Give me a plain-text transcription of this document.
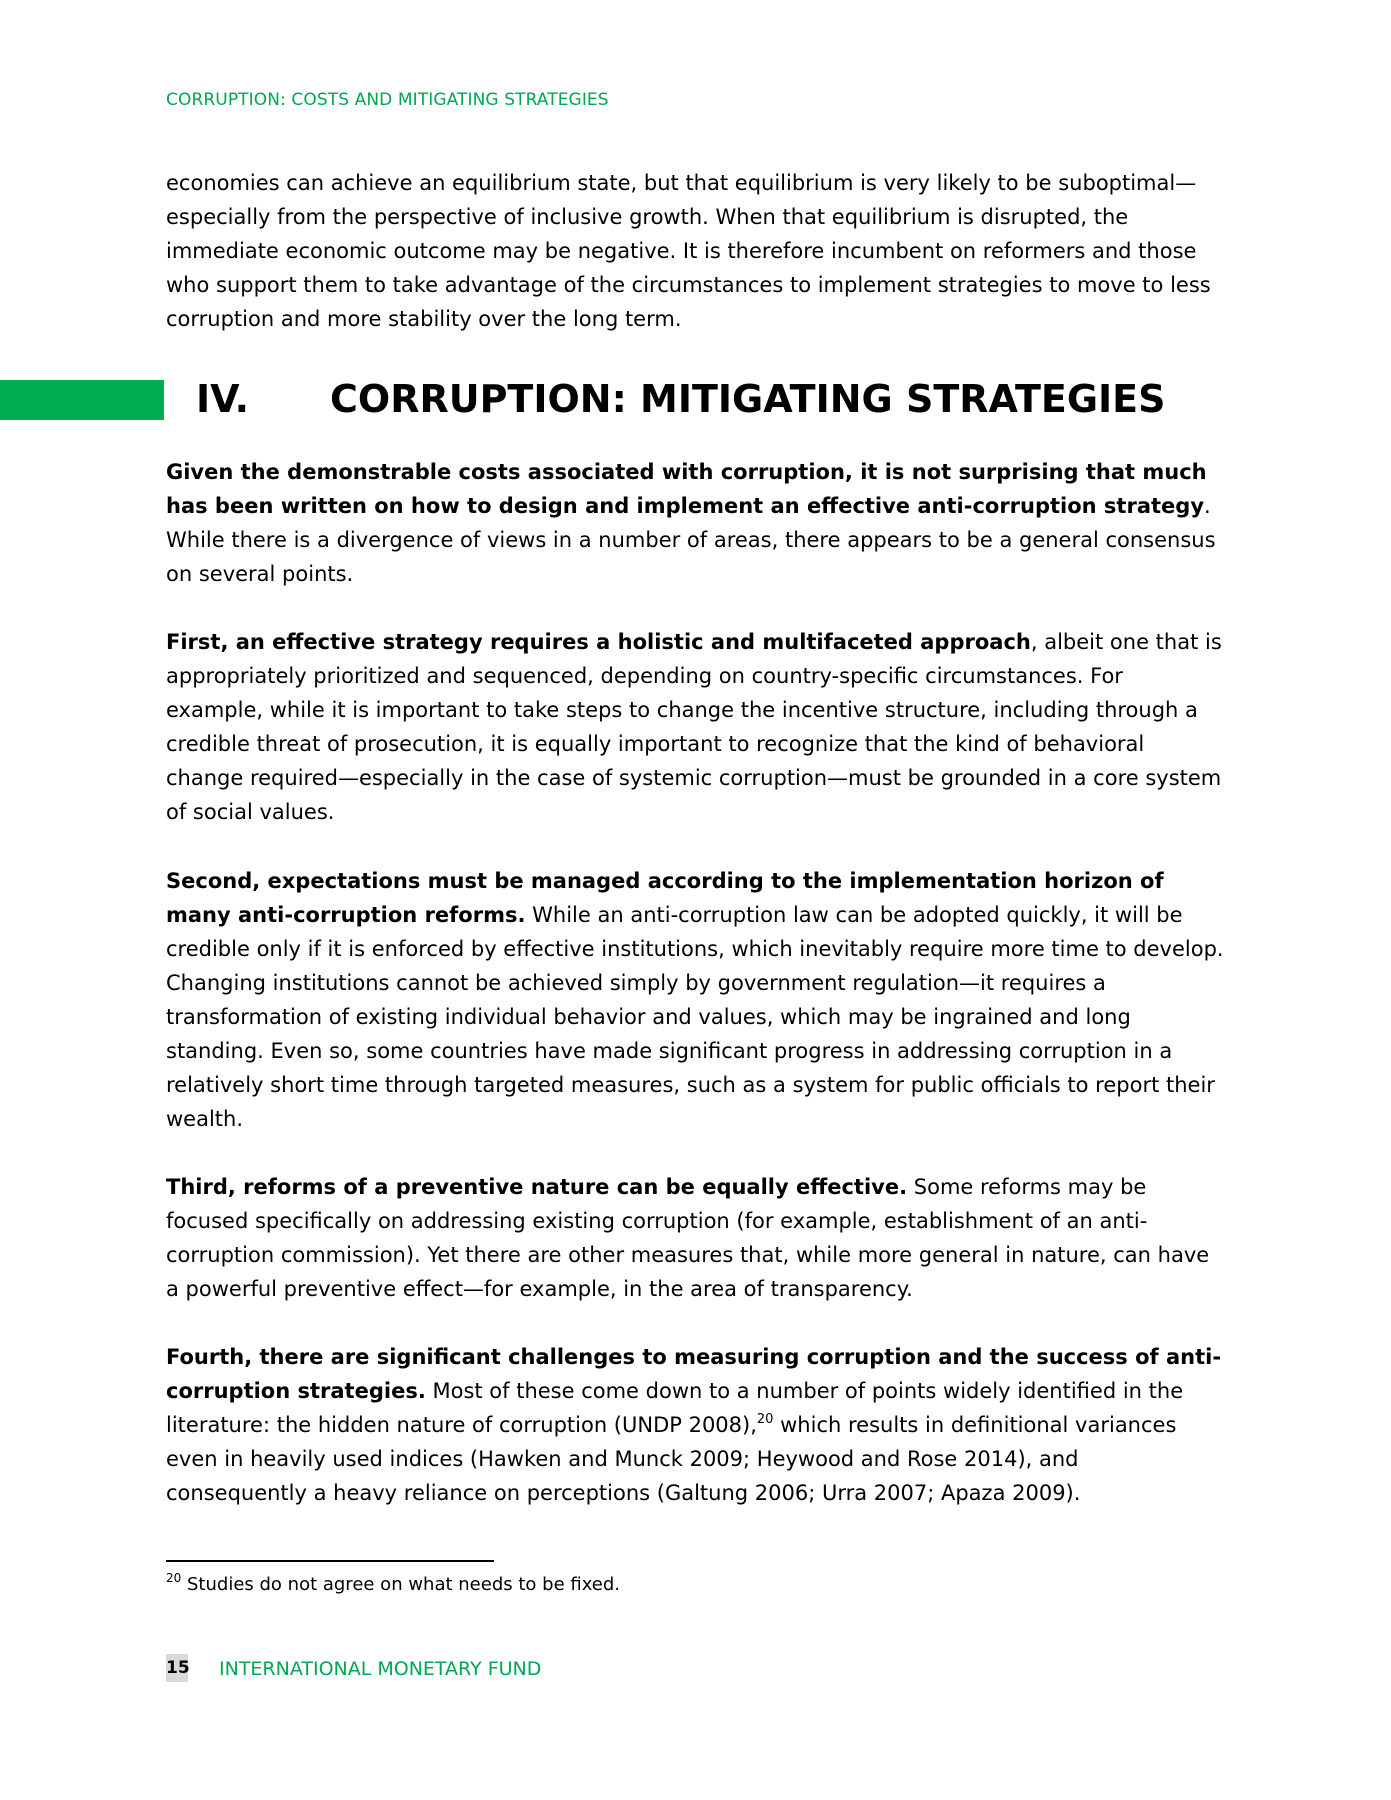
CORRUPTION: COSTS AND MITIGATING STRATEGIES

economies can achieve an equilibrium state, but that equilibrium is very likely to be suboptimal—especially from the perspective of inclusive growth. When that equilibrium is disrupted, the immediate economic outcome may be negative. It is therefore incumbent on reformers and those who support them to take advantage of the circumstances to implement strategies to move to less corruption and more stability over the long term.

IV. CORRUPTION: MITIGATING STRATEGIES

Given the demonstrable costs associated with corruption, it is not surprising that much has been written on how to design and implement an effective anti-corruption strategy. While there is a divergence of views in a number of areas, there appears to be a general consensus on several points.

First, an effective strategy requires a holistic and multifaceted approach, albeit one that is appropriately prioritized and sequenced, depending on country-specific circumstances. For example, while it is important to take steps to change the incentive structure, including through a credible threat of prosecution, it is equally important to recognize that the kind of behavioral change required—especially in the case of systemic corruption—must be grounded in a core system of social values.

Second, expectations must be managed according to the implementation horizon of many anti-corruption reforms. While an anti-corruption law can be adopted quickly, it will be credible only if it is enforced by effective institutions, which inevitably require more time to develop. Changing institutions cannot be achieved simply by government regulation—it requires a transformation of existing individual behavior and values, which may be ingrained and long standing. Even so, some countries have made significant progress in addressing corruption in a relatively short time through targeted measures, such as a system for public officials to report their wealth.

Third, reforms of a preventive nature can be equally effective. Some reforms may be focused specifically on addressing existing corruption (for example, establishment of an anti-corruption commission). Yet there are other measures that, while more general in nature, can have a powerful preventive effect—for example, in the area of transparency.

Fourth, there are significant challenges to measuring corruption and the success of anti-corruption strategies. Most of these come down to a number of points widely identified in the literature: the hidden nature of corruption (UNDP 2008),$^{20}$ which results in definitional variances even in heavily used indices (Hawken and Munck 2009; Heywood and Rose 2014), and consequently a heavy reliance on perceptions (Galtung 2006; Urra 2007; Apaza 2009).

$^{20}$ Studies do not agree on what needs to be fixed.
15 INTERNATIONAL MONETARY FUND
